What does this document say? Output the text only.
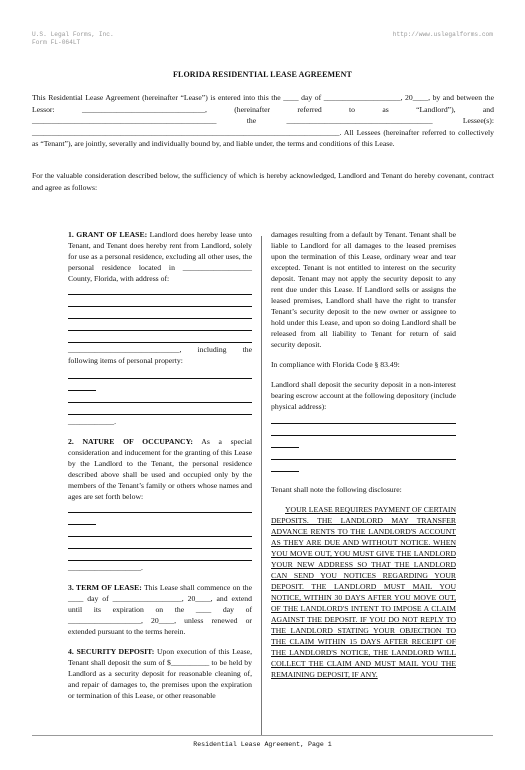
U.S. Legal Forms, Inc.
Form FL-064LT
http://www.uslegalforms.com
FLORIDA RESIDENTIAL LEASE AGREEMENT

This Residential Lease Agreement (hereinafter “Lease”) is entered into this the ____ day of ____________________, 20____, by and between the Lessor: ________________________________, (hereinafter referred to as “Landlord”), and ________________________________________________ the ______________________________________ Lessee(s): ________________________________________________________________________________. All Lessees (hereinafter referred to collectively as “Tenant”), are jointly, severally and individually bound by, and liable under, the terms and conditions of this Lease.

For the valuable consideration described below, the sufficiency of which is hereby acknowledged, Landlord and Tenant do hereby covenant, contract and agree as follows:

1. GRANT OF LEASE: Landlord does hereby lease unto Tenant, and Tenant does hereby rent from Landlord, solely for use as a personal residence, excluding all other uses, the personal residence located in __________________ County, Florida, with address of:

_____________________________, including the following items of personal property:

____________.

2. NATURE OF OCCUPANCY: As a special consideration and inducement for the granting of this Lease by the Landlord to the Tenant, the personal residence described above shall be used and occupied only by the members of the Tenant’s family or others whose names and ages are set forth below:

___________________.

3. TERM OF LEASE: This Lease shall commence on the ____ day of __________________, 20____, and extend until its expiration on the ____ day of ___________________, 20____, unless renewed or extended pursuant to the terms herein.

4. SECURITY DEPOSIT: Upon execution of this Lease, Tenant shall deposit the sum of $__________ to be held by Landlord as a security deposit for reasonable cleaning of, and repair of damages to, the premises upon the expiration or termination of this Lease, or other reasonable

damages resulting from a default by Tenant. Tenant shall be liable to Landlord for all damages to the leased premises upon the termination of this Lease, ordinary wear and tear excepted. Tenant is not entitled to interest on the security deposit. Tenant may not apply the security deposit to any rent due under this Lease. If Landlord sells or assigns the leased premises, Landlord shall have the right to transfer Tenant’s security deposit to the new owner or assignee to hold under this Lease, and upon so doing Landlord shall be released from all liability to Tenant for return of said security deposit.

In compliance with Florida Code § 83.49:

Landlord shall deposit the security deposit in a non-interest bearing escrow account at the following depository (include physical address):

Tenant shall note the following disclosure:

YOUR LEASE REQUIRES PAYMENT OF CERTAIN DEPOSITS. THE LANDLORD MAY TRANSFER ADVANCE RENTS TO THE LANDLORD'S ACCOUNT AS THEY ARE DUE AND WITHOUT NOTICE. WHEN YOU MOVE OUT, YOU MUST GIVE THE LANDLORD YOUR NEW ADDRESS SO THAT THE LANDLORD CAN SEND YOU NOTICES REGARDING YOUR DEPOSIT. THE LANDLORD MUST MAIL YOU NOTICE, WITHIN 30 DAYS AFTER YOU MOVE OUT, OF THE LANDLORD'S INTENT TO IMPOSE A CLAIM AGAINST THE DEPOSIT. IF YOU DO NOT REPLY TO THE LANDLORD STATING YOUR OBJECTION TO THE CLAIM WITHIN 15 DAYS AFTER RECEIPT OF THE LANDLORD'S NOTICE, THE LANDLORD WILL COLLECT THE CLAIM AND MUST MAIL YOU THE REMAINING DEPOSIT, IF ANY.

Residential Lease Agreement, Page 1
